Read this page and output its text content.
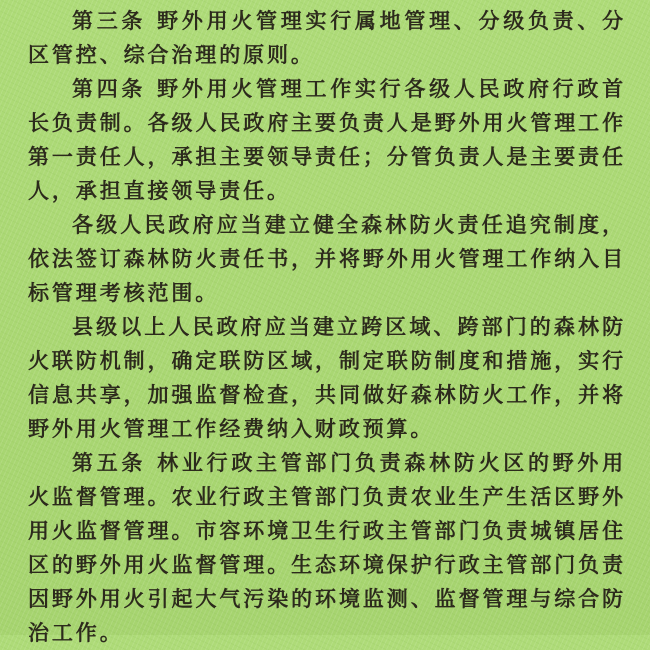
第三条 野外用火管理实行属地管理、分级负责、分区管控、综合治理的原则。

第四条 野外用火管理工作实行各级人民政府行政首长负责制。各级人民政府主要负责人是野外用火管理工作第一责任人，承担主要领导责任；分管负责人是主要责任人，承担直接领导责任。

各级人民政府应当建立健全森林防火责任追究制度，依法签订森林防火责任书，并将野外用火管理工作纳入目标管理考核范围。

县级以上人民政府应当建立跨区域、跨部门的森林防火联防机制，确定联防区域，制定联防制度和措施，实行信息共享，加强监督检查，共同做好森林防火工作，并将野外用火管理工作经费纳入财政预算。

第五条 林业行政主管部门负责森林防火区的野外用火监督管理。农业行政主管部门负责农业生产生活区野外用火监督管理。市容环境卫生行政主管部门负责城镇居住区的野外用火监督管理。生态环境保护行政主管部门负责因野外用火引起大气污染的环境监测、监督管理与综合防治工作。
